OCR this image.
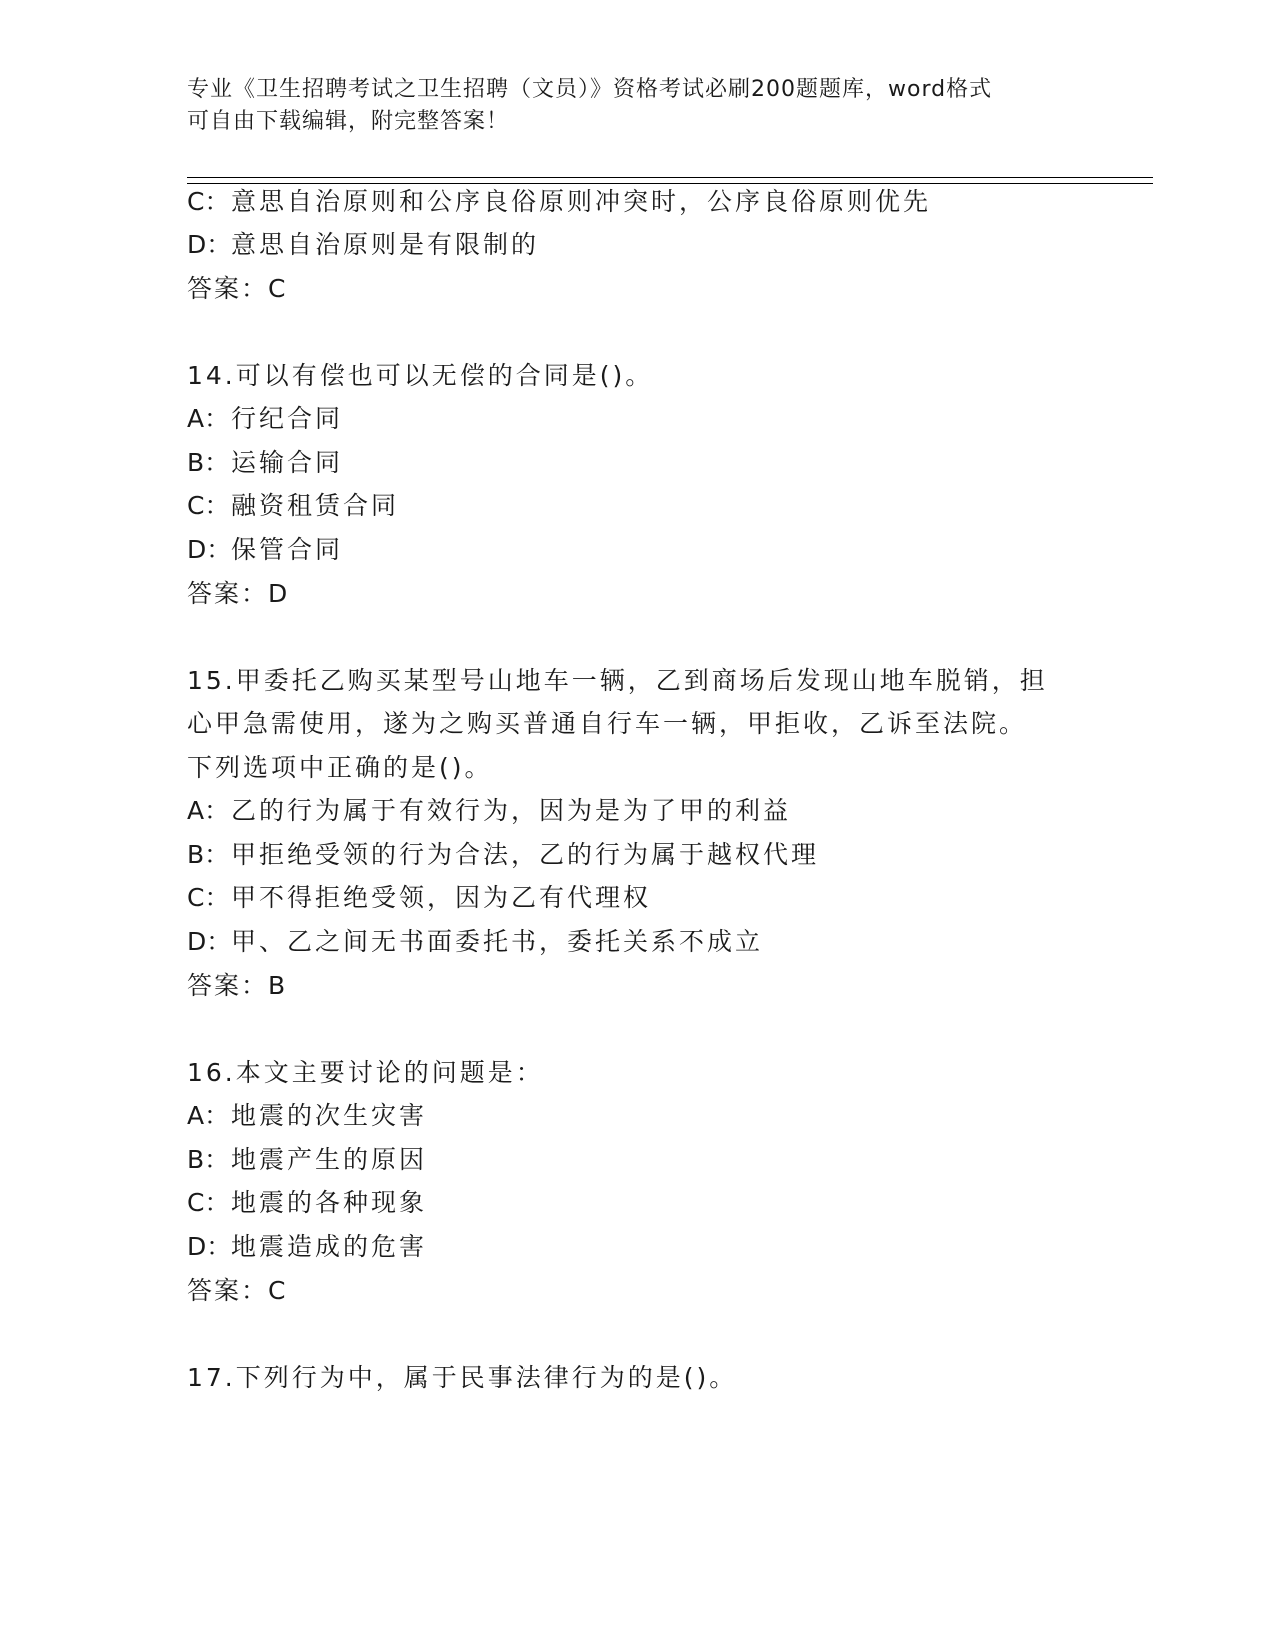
专业《卫生招聘考试之卫生招聘（文员）》资格考试必刷200题题库，word格式
可自由下载编辑，附完整答案！
C：意思自治原则和公序良俗原则冲突时，公序良俗原则优先
D：意思自治原则是有限制的
答案：C
14.可以有偿也可以无偿的合同是()。
A：行纪合同
B：运输合同
C：融资租赁合同
D：保管合同
答案：D
15.甲委托乙购买某型号山地车一辆，乙到商场后发现山地车脱销，担
心甲急需使用，遂为之购买普通自行车一辆，甲拒收，乙诉至法院。
下列选项中正确的是()。
A：乙的行为属于有效行为，因为是为了甲的利益
B：甲拒绝受领的行为合法，乙的行为属于越权代理
C：甲不得拒绝受领，因为乙有代理权
D：甲、乙之间无书面委托书，委托关系不成立
答案：B
16.本文主要讨论的问题是：
A：地震的次生灾害
B：地震产生的原因
C：地震的各种现象
D：地震造成的危害
答案：C
17.下列行为中，属于民事法律行为的是()。
